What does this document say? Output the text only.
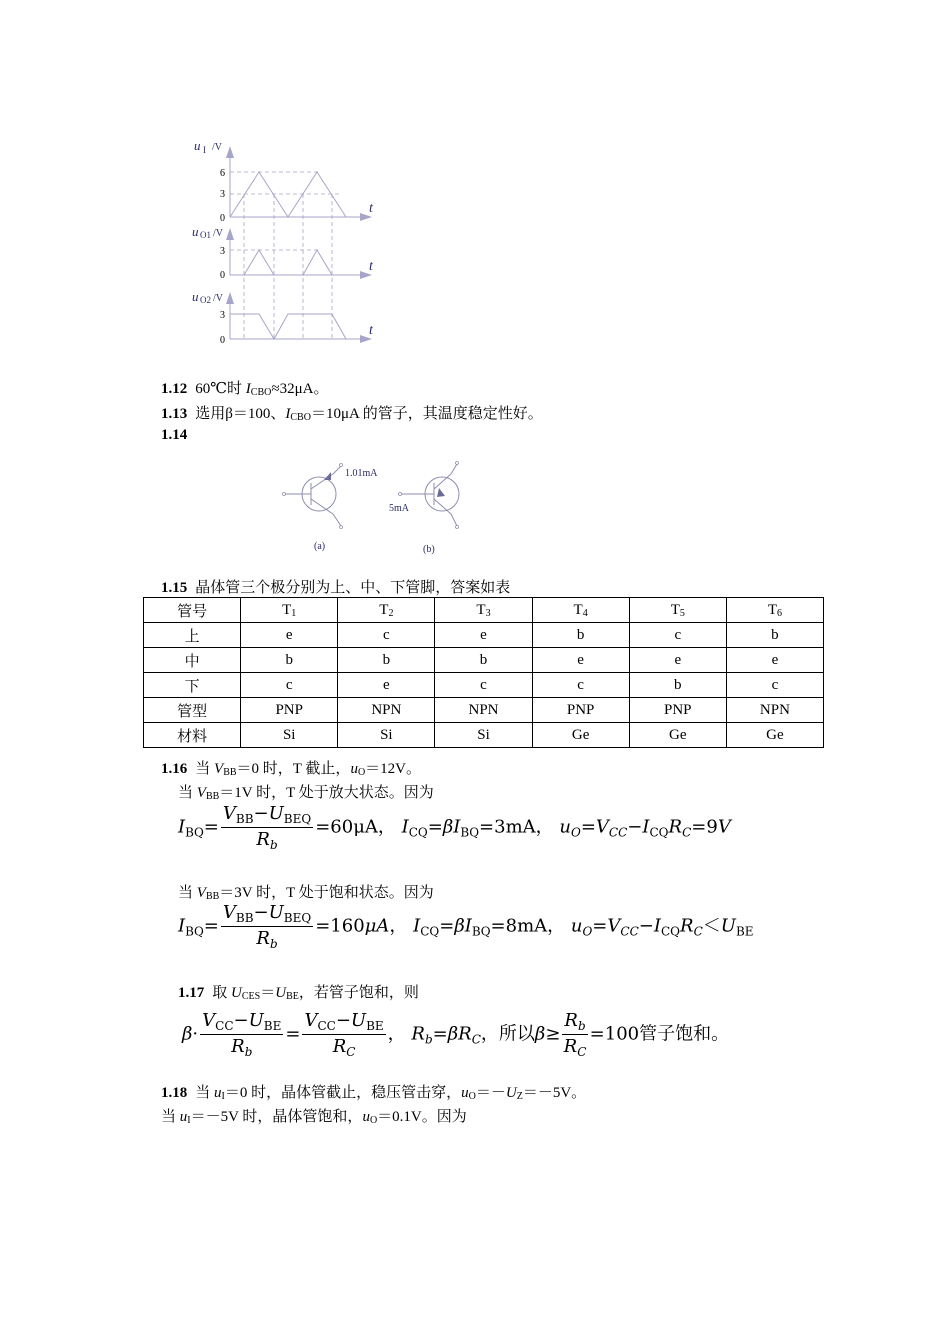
u I /V
u O1 /V
u O2 /V
t
t
t
6
3
0
3
0
3
0
1.12 60℃时 $I_{CBO}\approx 32\mu A$。
1.13 选用β＝100、$I_{CBO}=10\mu A$ 的管子，其温度稳定性好。
1.14
1.01mA
5mA
(a)	(b)
1.15 晶体管三个极分别为上、中、下管脚，答案如表
管号	$T_1$	$T_2$	$T_3$	$T_4$	$T_5$	$T_6$
上	e	c	e	b	c	b
中	b	b	b	e	e	e
下	c	e	c	c	b	c
管型	PNP	NPN	NPN	PNP	PNP	NPN
材料	Si	Si	Si	Ge	Ge	Ge
1.16 当 $V_{BB}=0$ 时，T 截止，$u_O=12V$。
当 $V_{BB}=1V$ 时，T 处于放大状态。因为
$I_{BQ}= \frac{V_{BB}-U_{BEQ}}{R_b} =60\mu A$， $I_{CQ}=\beta I_{BQ}=3mA$， $u_O=V_{CC}-I_{CQ}R_C=9V$
当 $V_{BB}=3V$ 时，T 处于饱和状态。因为
$I_{BQ}= \frac{V_{BB}-U_{BEQ}}{R_b} =160\mu A$， $I_{CQ}=\beta I_{BQ}=8mA$， $u_O=V_{CC}-I_{CQ}R_C<U_{BE}$
1.17 取 $U_{CES}=U_{BE}$，若管子饱和，则
$\beta\cdot \frac{V_{CC}-U_{BE}}{R_b} = \frac{V_{CC}-U_{BE}}{R_C}$ ， $R_b=\beta R_C$，所以$\beta\ge \frac{R_b}{R_C} =100$管子饱和。
1.18 当 $u_I=0$ 时，晶体管截止，稳压管击穿，$u_O=-U_Z=-5V$。
当 $u_I=-5V$ 时，晶体管饱和，$u_O=0.1V$。因为
